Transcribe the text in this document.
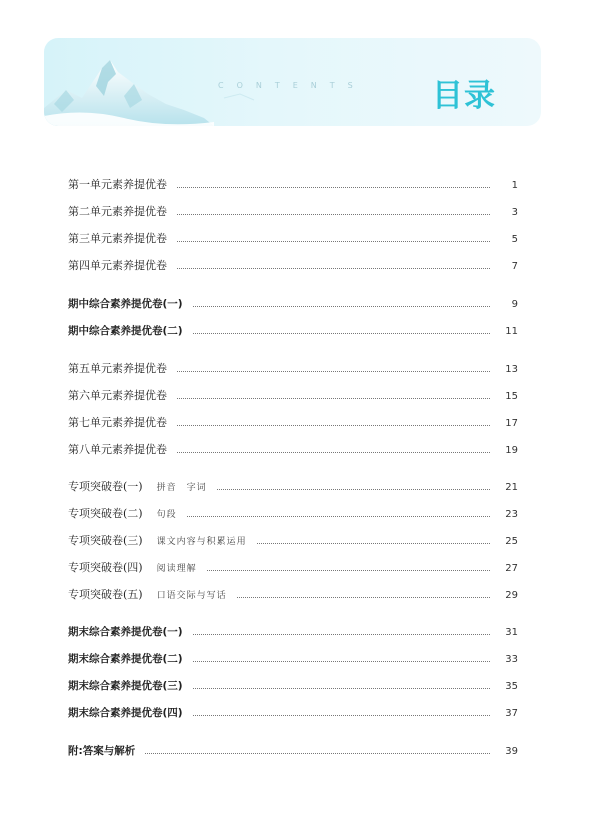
CONTENTS 目录
第一单元素养提优卷	1
第二单元素养提优卷	3
第三单元素养提优卷	5
第四单元素养提优卷	7
期中综合素养提优卷(一)	9
期中综合素养提优卷(二)	11
第五单元素养提优卷	13
第六单元素养提优卷	15
第七单元素养提优卷	17
第八单元素养提优卷	19
专项突破卷(一) 拼音　字词	21
专项突破卷(二) 句段	23
专项突破卷(三) 课文内容与积累运用	25
专项突破卷(四) 阅读理解	27
专项突破卷(五) 口语交际与写话	29
期末综合素养提优卷(一)	31
期末综合素养提优卷(二)	33
期末综合素养提优卷(三)	35
期末综合素养提优卷(四)	37
附:答案与解析	39
